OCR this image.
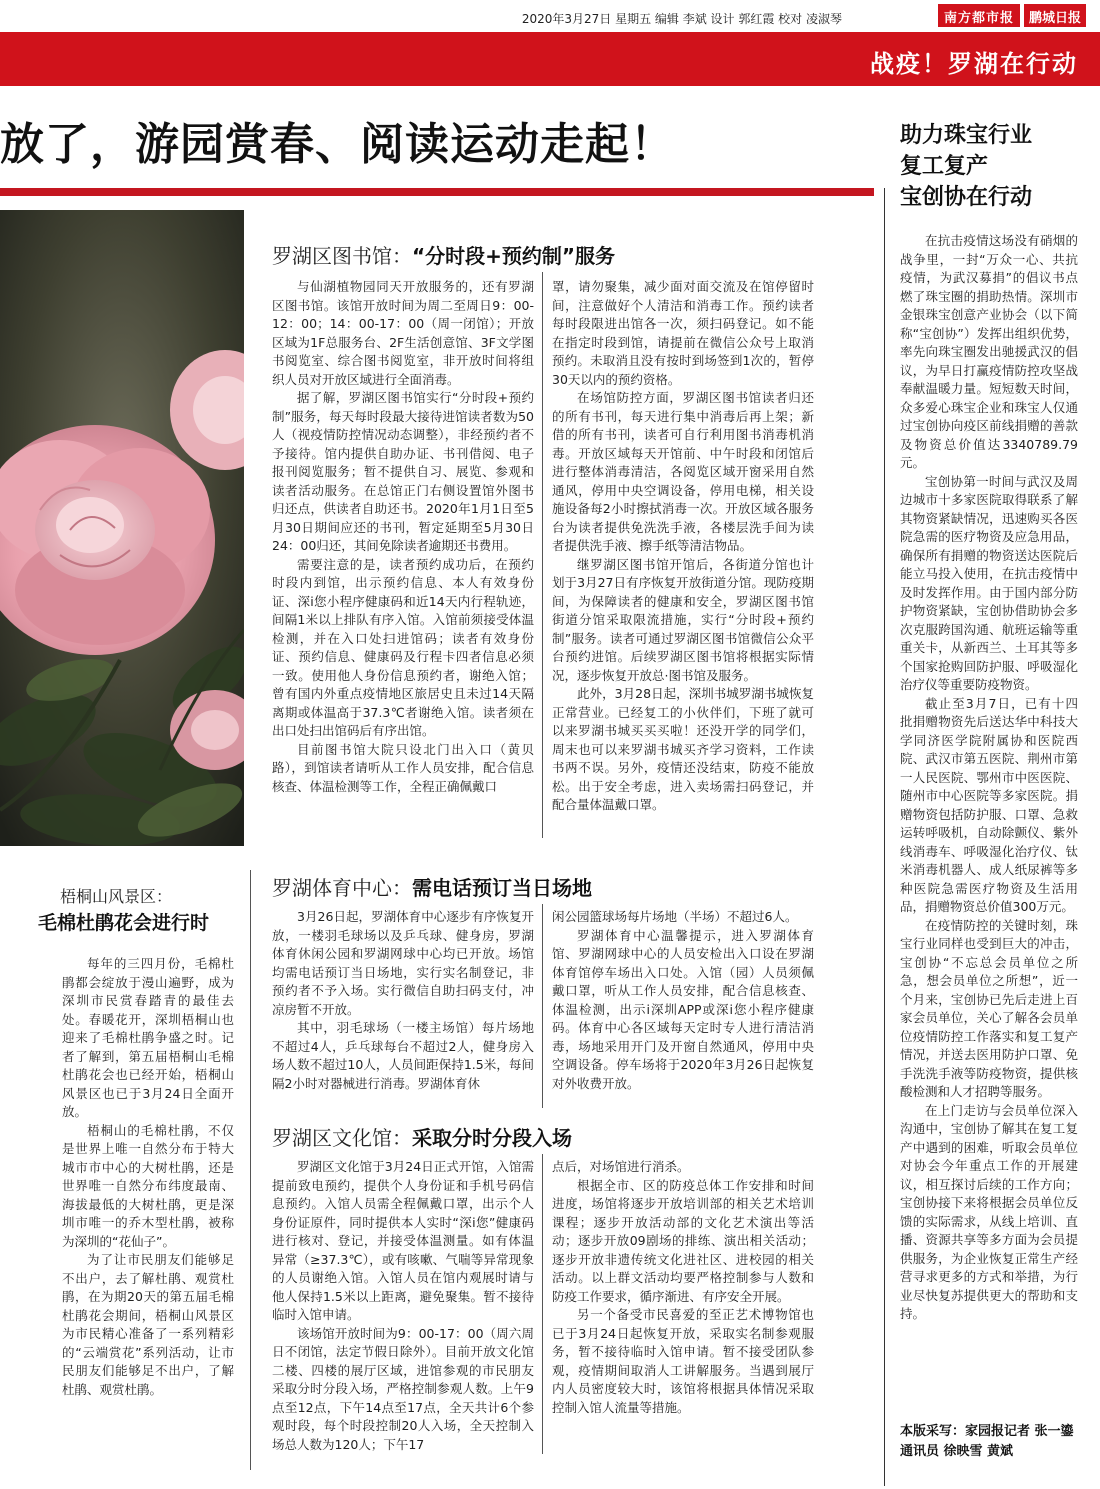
2020年3月27日 星期五 编辑 李斌 设计 郭红霞 校对 凌淑琴	南方都市报	鹏城日报
战疫！罗湖在行动
放了，游园赏春、阅读运动走起！
梧桐山风景区：
毛棉杜鹃花会进行时

每年的三四月份，毛棉杜鹃都会绽放于漫山遍野，成为深圳市民赏春踏青的最佳去处。春暖花开，深圳梧桐山也迎来了毛棉杜鹃争盛之时。记者了解到，第五届梧桐山毛棉杜鹃花会也已经开始，梧桐山风景区也已于3月24日全面开放。

梧桐山的毛棉杜鹃，不仅是世界上唯一自然分布于特大城市市中心的大树杜鹃，还是世界唯一自然分布纬度最南、海拔最低的大树杜鹃，更是深圳市唯一的乔木型杜鹃，被称为深圳的“花仙子”。

为了让市民朋友们能够足不出户，去了解杜鹃、观赏杜鹃，在为期20天的第五届毛棉杜鹃花会期间，梧桐山风景区为市民精心准备了一系列精彩的“云端赏花”系列活动，让市民朋友们能够足不出户，了解杜鹃、观赏杜鹃。

罗湖区图书馆：“分时段+预约制”服务

与仙湖植物园同天开放服务的，还有罗湖区图书馆。该馆开放时间为周二至周日9：00-12：00；14：00-17：00（周一闭馆）；开放区域为1F总服务台、2F生活创意馆、3F文学图书阅览室、综合图书阅览室，非开放时间将组织人员对开放区域进行全面消毒。

据了解，罗湖区图书馆实行“分时段+预约制”服务，每天每时段最大接待进馆读者数为50人（视疫情防控情况动态调整），非经预约者不予接待。馆内提供自助办证、书刊借阅、电子报刊阅览服务；暂不提供自习、展览、参观和读者活动服务。在总馆正门右侧设置馆外图书归还点，供读者自助还书。2020年1月1日至5月30日期间应还的书刊，暂定延期至5月30日24：00归还，其间免除读者逾期还书费用。

需要注意的是，读者预约成功后，在预约时段内到馆，出示预约信息、本人有效身份证、深i您小程序健康码和近14天内行程轨迹，间隔1米以上排队有序入馆。入馆前须接受体温检测，并在入口处扫进馆码；读者有效身份证、预约信息、健康码及行程卡四者信息必须一致。使用他人身份信息预约者，谢绝入馆；曾有国内外重点疫情地区旅居史且未过14天隔离期或体温高于37.3℃者谢绝入馆。读者须在出口处扫出馆码后有序出馆。

目前图书馆大院只设北门出入口（黄贝路），到馆读者请听从工作人员安排，配合信息核查、体温检测等工作，全程正确佩戴口

罩，请勿聚集，减少面对面交流及在馆停留时间，注意做好个人清洁和消毒工作。预约读者每时段限进出馆各一次，须扫码登记。如不能在指定时段到馆，请提前在微信公众号上取消预约。未取消且没有按时到场签到1次的，暂停30天以内的预约资格。

在场馆防控方面，罗湖区图书馆读者归还的所有书刊，每天进行集中消毒后再上架；新借的所有书刊，读者可自行利用图书消毒机消毒。开放区域每天开馆前、中午时段和闭馆后进行整体消毒清洁，各阅览区域开窗采用自然通风，停用中央空调设备，停用电梯，相关设施设备每2小时擦拭消毒一次。开放区域各服务台为读者提供免洗洗手液，各楼层洗手间为读者提供洗手液、擦手纸等清洁物品。

继罗湖区图书馆开馆后，各街道分馆也计划于3月27日有序恢复开放街道分馆。现防疫期间，为保障读者的健康和安全，罗湖区图书馆街道分馆采取限流措施，实行“分时段+预约制”服务。读者可通过罗湖区图书馆微信公众平台预约进馆。后续罗湖区图书馆将根据实际情况，逐步恢复开放总·图书馆及服务。

此外，3月28日起，深圳书城罗湖书城恢复正常营业。已经复工的小伙伴们，下班了就可以来罗湖书城买买买啦！还没开学的同学们，周末也可以来罗湖书城买齐学习资料，工作读书两不误。另外，疫情还没结束，防疫不能放松。出于安全考虑，进入卖场需扫码登记，并配合量体温戴口罩。

罗湖体育中心：需电话预订当日场地

3月26日起，罗湖体育中心逐步有序恢复开放，一楼羽毛球场以及乒乓球、健身房，罗湖体育休闲公园和罗湖网球中心均已开放。场馆均需电话预订当日场地，实行实名制登记，非预约者不予入场。实行微信自助扫码支付，冲凉房暂不开放。

其中，羽毛球场（一楼主场馆）每片场地不超过4人，乒乓球每台不超过2人，健身房入场人数不超过10人，人员间距保持1.5米，每间隔2小时对器械进行消毒。罗湖体育休

闲公园篮球场每片场地（半场）不超过6人。

罗湖体育中心温馨提示，进入罗湖体育馆、罗湖网球中心的人员安检出入口设在罗湖体育馆停车场出入口处。入馆（园）人员须佩戴口罩，听从工作人员安排，配合信息核查、体温检测，出示i深圳APP或深i您小程序健康码。体育中心各区域每天定时专人进行清洁消毒，场地采用开门及开窗自然通风，停用中央空调设备。停车场将于2020年3月26日起恢复对外收费开放。

罗湖区文化馆：采取分时分段入场

罗湖区文化馆于3月24日正式开馆，入馆需提前致电预约，提供个人身份证和手机号码信息预约。入馆人员需全程佩戴口罩，出示个人身份证原件，同时提供本人实时“深i您”健康码进行核对、登记，并接受体温测量。如有体温异常（≥37.3℃），或有咳嗽、气喘等异常现象的人员谢绝入馆。入馆人员在馆内观展时请与他人保持1.5米以上距离，避免聚集。暂不接待临时入馆申请。

该场馆开放时间为9：00-17：00（周六周日不闭馆，法定节假日除外）。目前开放文化馆二楼、四楼的展厅区域，进馆参观的市民朋友采取分时分段入场，严格控制参观人数。上午9点至12点，下午14点至17点，全天共计6个参观时段，每个时段控制20人入场，全天控制入场总人数为120人；下午17

点后，对场馆进行消杀。

根据全市、区的防疫总体工作安排和时间进度，场馆将逐步开放培训部的相关艺术培训课程；逐步开放活动部的文化艺术演出等活动；逐步开放09剧场的排练、演出相关活动；逐步开放非遗传统文化进社区、进校园的相关活动。以上群文活动均要严格控制参与人数和防疫工作要求，循序渐进、有序安全开展。

另一个备受市民喜爱的至正艺术博物馆也已于3月24日起恢复开放，采取实名制参观服务，暂不接待临时入馆申请。暂不接受团队参观，疫情期间取消人工讲解服务。当遇到展厅内人员密度较大时，该馆将根据具体情况采取控制入馆人流量等措施。

助力珠宝行业
复工复产
宝创协在行动

在抗击疫情这场没有硝烟的战争里，一封“万众一心、共抗疫情，为武汉募捐”的倡议书点燃了珠宝圈的捐助热情。深圳市金银珠宝创意产业协会（以下简称“宝创协”）发挥出组织优势，率先向珠宝圈发出驰援武汉的倡议，为早日打赢疫情防控攻坚战奉献温暖力量。短短数天时间，众多爱心珠宝企业和珠宝人仅通过宝创协向疫区前线捐赠的善款及物资总价值达3340789.79元。

宝创协第一时间与武汉及周边城市十多家医院取得联系了解其物资紧缺情况，迅速购买各医院急需的医疗物资及应急用品，确保所有捐赠的物资送达医院后能立马投入使用，在抗击疫情中及时发挥作用。由于国内部分防护物资紧缺，宝创协借助协会多次克服跨国沟通、航班运输等重重关卡，从新西兰、土耳其等多个国家抢购回防护服、呼吸湿化治疗仪等重要防疫物资。

截止至3月7日，已有十四批捐赠物资先后送达华中科技大学同济医学院附属协和医院西院、武汉市第五医院、荆州市第一人民医院、鄂州市中医医院、随州市中心医院等多家医院。捐赠物资包括防护服、口罩、急救运转呼吸机，自动除颤仪、紫外线消毒车、呼吸湿化治疗仪、钛米消毒机器人、成人纸尿裤等多种医院急需医疗物资及生活用品，捐赠物资总价值300万元。

在疫情防控的关键时刻，珠宝行业同样也受到巨大的冲击，宝创协“不忘总会员单位之所急，想会员单位之所想”，近一个月来，宝创协已先后走进上百家会员单位，关心了解各会员单位疫情防控工作落实和复工复产情况，并送去医用防护口罩、免手洗洗手液等防疫物资，提供核酸检测和人才招聘等服务。

在上门走访与会员单位深入沟通中，宝创协了解其在复工复产中遇到的困难，听取会员单位对协会今年重点工作的开展建议，相互探讨后续的工作方向；宝创协接下来将根据会员单位反馈的实际需求，从线上培训、直播、资源共享等多方面为会员提供服务，为企业恢复正常生产经营寻求更多的方式和举措，为行业尽快复苏提供更大的帮助和支持。

本版采写：家园报记者 张一鎏 通讯员 徐映雪 黄斌
